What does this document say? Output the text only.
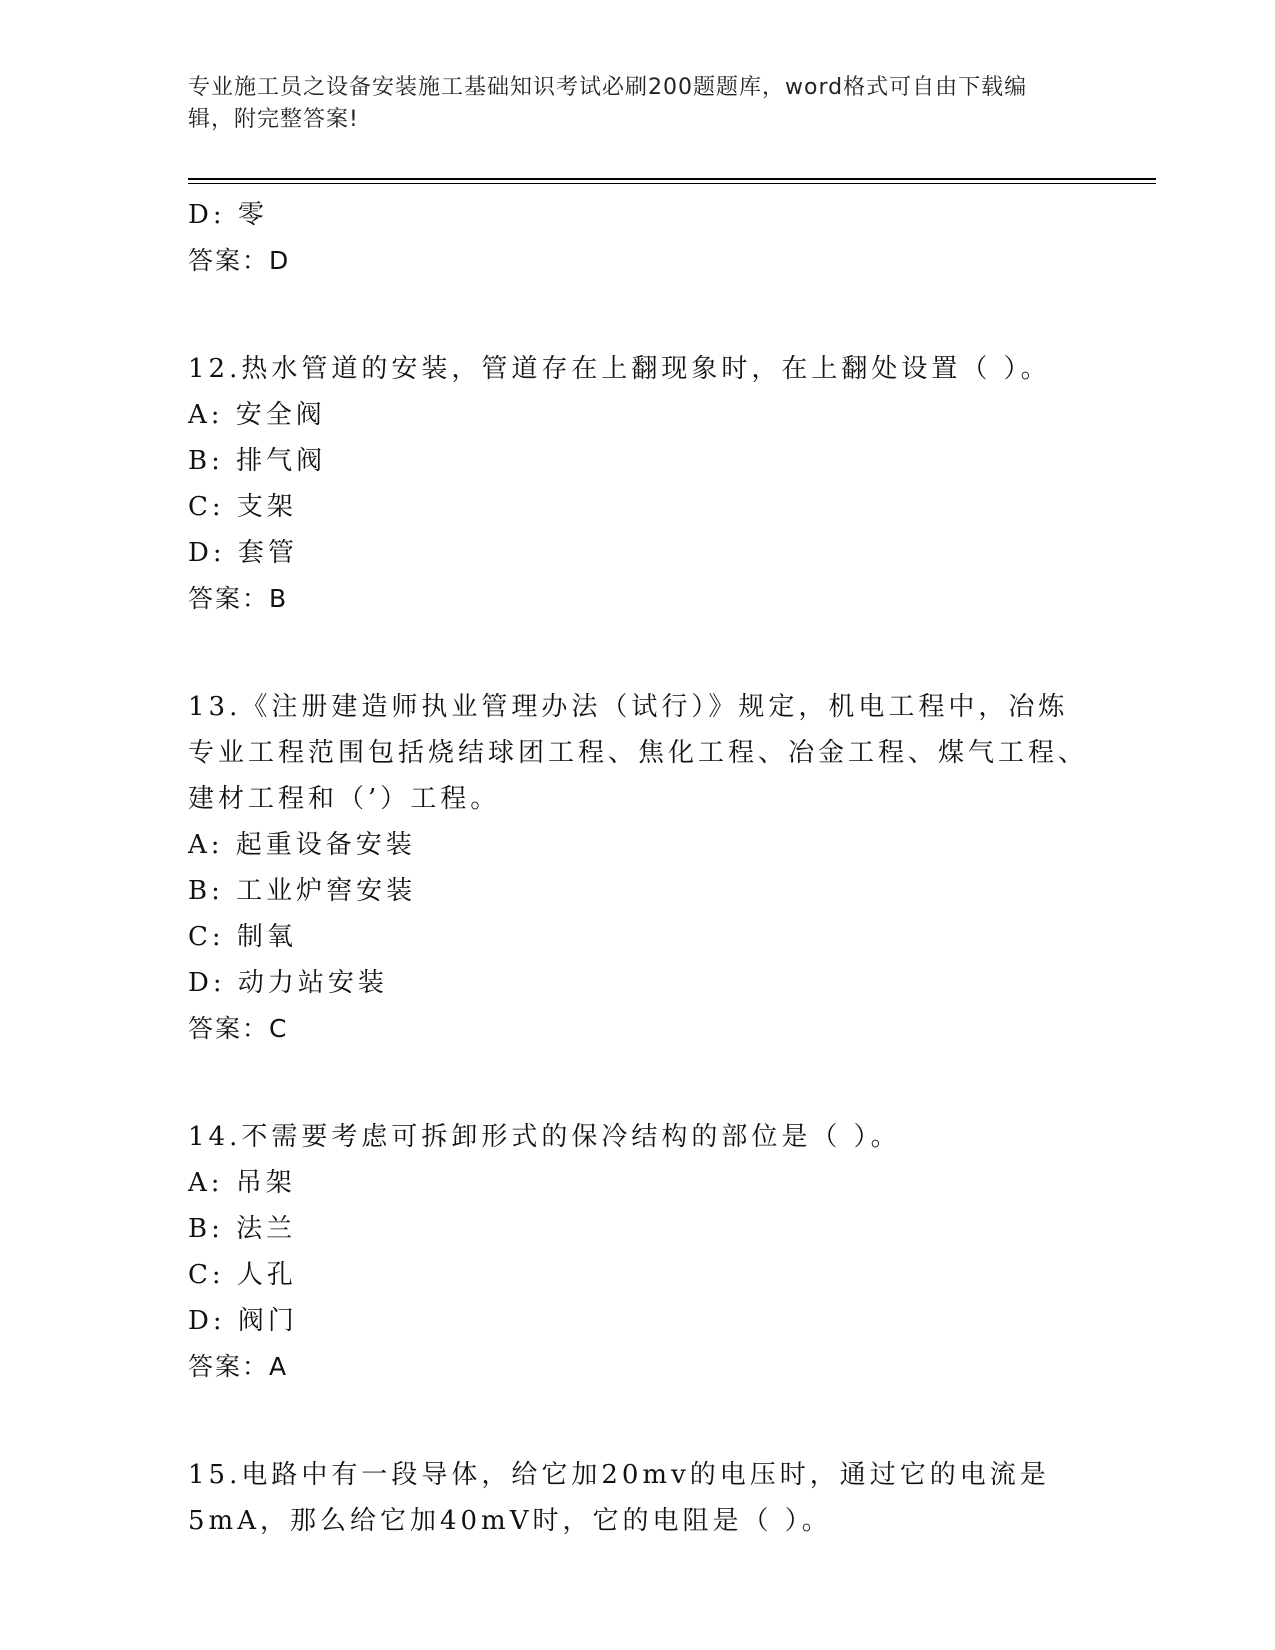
专业施工员之设备安装施工基础知识考试必刷200题题库，word格式可自由下载编辑，附完整答案!
D: 零
答案：D
12.热水管道的安装，管道存在上翻现象时，在上翻处设置（ ）。
A: 安全阀
B: 排气阀
C: 支架
D: 套管
答案：B
13.《注册建造师执业管理办法（试行）》规定，机电工程中，冶炼专业工程范围包括烧结球团工程、焦化工程、冶金工程、煤气工程、建材工程和（’）工程。
A: 起重设备安装
B: 工业炉窖安装
C: 制氧
D: 动力站安装
答案：C
14.不需要考虑可拆卸形式的保冷结构的部位是（ ）。
A: 吊架
B: 法兰
C: 人孔
D: 阀门
答案：A
15.电路中有一段导体，给它加20mv的电压时，通过它的电流是5mA，那么给它加40mV时，它的电阻是（ ）。
